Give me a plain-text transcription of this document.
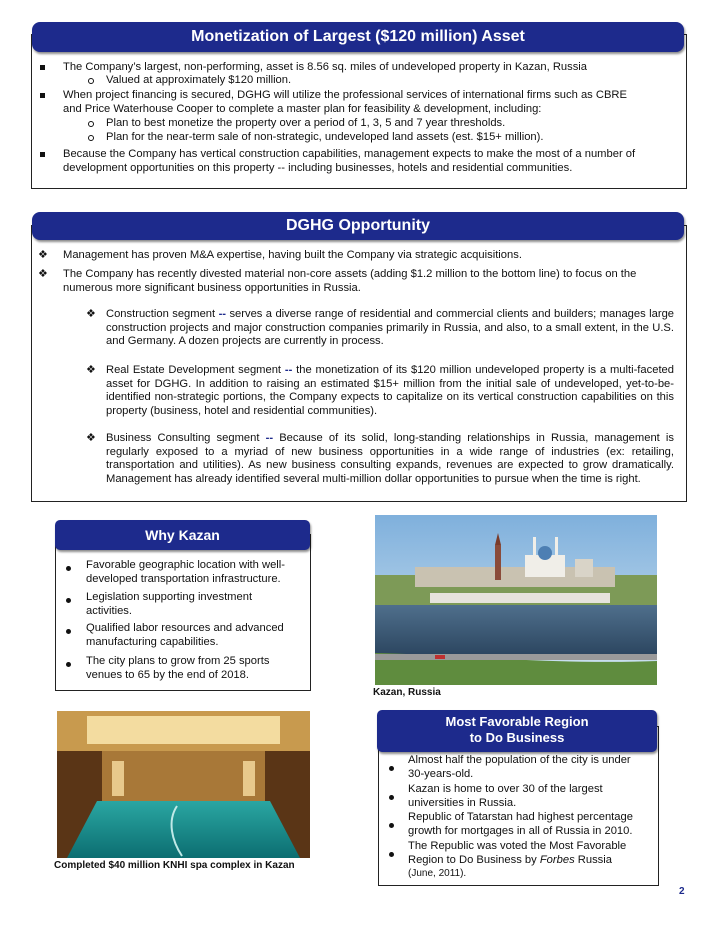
Monetization of Largest ($120 million) Asset
The Company’s largest, non-performing, asset is 8.56 sq. miles of undeveloped property in Kazan, Russia
Valued at approximately $120 million.
When project financing is secured, DGHG will utilize the professional services of international firms such as CBRE
and Price Waterhouse Cooper to complete a master plan for feasibility & development, including:
Plan to best monetize the property over a period of 1, 3, 5 and 7 year thresholds.
Plan for the near-term sale of non-strategic, undeveloped land assets (est. $15+ million).
Because the Company has vertical construction capabilities, management expects to make the most of a number of
development opportunities on this property -- including businesses, hotels and residential communities.
DGHG Opportunity
❖ Management has proven M&A expertise, having built the Company via strategic acquisitions.
❖ The Company has recently divested material non-core assets (adding $1.2 million to the bottom line) to focus on the
numerous more significant business opportunities in Russia.
❖ Construction segment -- serves a diverse range of residential and commercial clients and builders; manages large construction projects and major construction companies primarily in Russia, and also, to a small extent, in the U.S. and Germany. A dozen projects are currently in process.
❖ Real Estate Development segment -- the monetization of its $120 million undeveloped property is a multi-faceted asset for DGHG. In addition to raising an estimated $15+ million from the initial sale of undeveloped, yet-to-be-identified non-strategic portions, the Company expects to capitalize on its vertical construction capabilities on this property (business, hotel and residential communities).
❖ Business Consulting segment -- Because of its solid, long-standing relationships in Russia, management is regularly exposed to a myriad of new business opportunities in a wide range of industries (ex: retailing, transportation and utilities). As new business consulting expands, revenues are expected to grow dramatically. Management has already identified several multi-million dollar opportunities to pursue when the time is right.
Why Kazan
Favorable geographic location with well-
developed transportation infrastructure.
Legislation supporting investment
activities.
Qualified labor resources and advanced
manufacturing capabilities.
The city plans to grow from 25 sports
venues to 65 by the end of 2018.
Kazan, Russia
Completed $40 million KNHI spa complex in Kazan
Most Favorable Region
to Do Business
Almost half the population of the city is under
30-years-old.
Kazan is home to over 30 of the largest
universities in Russia.
Republic of Tatarstan had highest percentage
growth for mortgages in all of Russia in 2010.
The Republic was voted the Most Favorable
Region to Do Business by Forbes Russia
(June, 2011).
2
